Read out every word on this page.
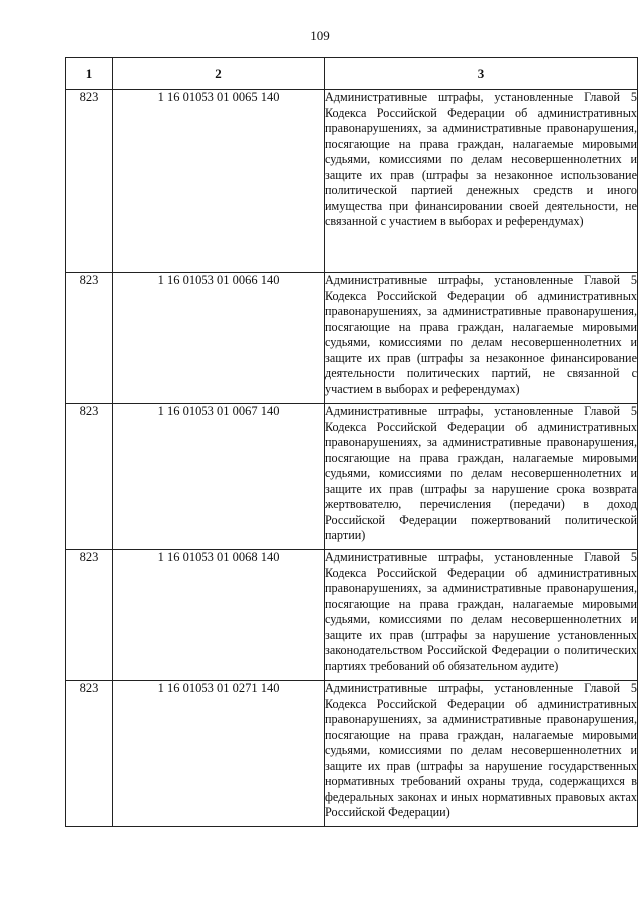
109
1	2	3
823	1 16 01053 01 0065 140	Административные штрафы, установленные Главой 5 Кодекса Российской Федерации об административных правонарушениях, за административные правонарушения, посягающие на права граждан, налагаемые мировыми судьями, комиссиями по делам несовершеннолетних и защите их прав (штрафы за незаконное использование политической партией денежных средств и иного имущества при финансировании своей деятельности, не связанной с участием в выборах и референдумах)
823	1 16 01053 01 0066 140	Административные штрафы, установленные Главой 5 Кодекса Российской Федерации об административных правонарушениях, за административные правонарушения, посягающие на права граждан, налагаемые мировыми судьями, комиссиями по делам несовершеннолетних и защите их прав (штрафы за незаконное финансирование деятельности политических партий, не связанной с участием в выборах и референдумах)
823	1 16 01053 01 0067 140	Административные штрафы, установленные Главой 5 Кодекса Российской Федерации об административных правонарушениях, за административные правонарушения, посягающие на права граждан, налагаемые мировыми судьями, комиссиями по делам несовершеннолетних и защите их прав (штрафы за нарушение срока возврата жертвователю, перечисления (передачи) в доход Российской Федерации пожертвований политической партии)
823	1 16 01053 01 0068 140	Административные штрафы, установленные Главой 5 Кодекса Российской Федерации об административных правонарушениях, за административные правонарушения, посягающие на права граждан, налагаемые мировыми судьями, комиссиями по делам несовершеннолетних и защите их прав (штрафы за нарушение установленных законодательством Российской Федерации о политических партиях требований об обязательном аудите)
823	1 16 01053 01 0271 140	Административные штрафы, установленные Главой 5 Кодекса Российской Федерации об административных правонарушениях, за административные правонарушения, посягающие на права граждан, налагаемые мировыми судьями, комиссиями по делам несовершеннолетних и защите их прав (штрафы за нарушение государственных нормативных требований охраны труда, содержащихся в федеральных законах и иных нормативных правовых актах Российской Федерации)
